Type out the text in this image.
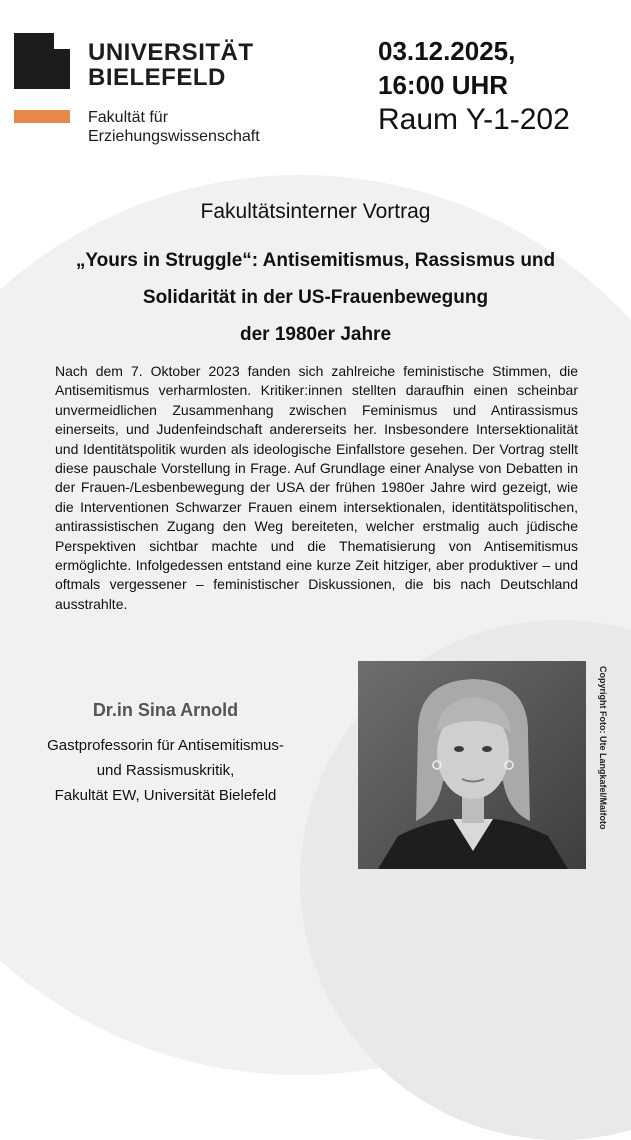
UNIVERSITÄT
BIELEFELD
Fakultät für
Erziehungswissenschaft
03.12.2025,
16:00 UHR
Raum Y-1-202
Fakultätsinterner Vortrag
„Yours in Struggle“: Antisemitismus, Rassismus und
Solidarität in der US-Frauenbewegung
der 1980er Jahre
Nach dem 7. Oktober 2023 fanden sich zahlreiche feministische Stimmen, die Antisemitismus verharmlosten. Kritiker:innen stellten daraufhin einen scheinbar unvermeidlichen Zusammenhang zwischen Feminismus und Antirassismus einerseits, und Judenfeindschaft andererseits her. Insbesondere Intersektionalität und Identitätspolitik wurden als ideologische Einfallstore gesehen. Der Vortrag stellt diese pauschale Vorstellung in Frage. Auf Grundlage einer Analyse von Debatten in der Frauen-/Lesbenbewegung der USA der frühen 1980er Jahre wird gezeigt, wie die Interventionen Schwarzer Frauen einem intersektionalen, identitätspolitischen, antirassistischen Zugang den Weg bereiteten, welcher erstmalig auch jüdische Perspektiven sichtbar machte und die Thematisierung von Antisemitismus ermöglichte. Infolgedessen entstand eine kurze Zeit hitziger, aber produktiver – und oftmals vergessener – feministischer Diskussionen, die bis nach Deutschland ausstrahlte.
Dr.in Sina Arnold
Gastprofessorin für Antisemitismus-
und Rassismuskritik,
Fakultät EW, Universität Bielefeld	Copyright Foto: Ute Langkafel/Maifoto
